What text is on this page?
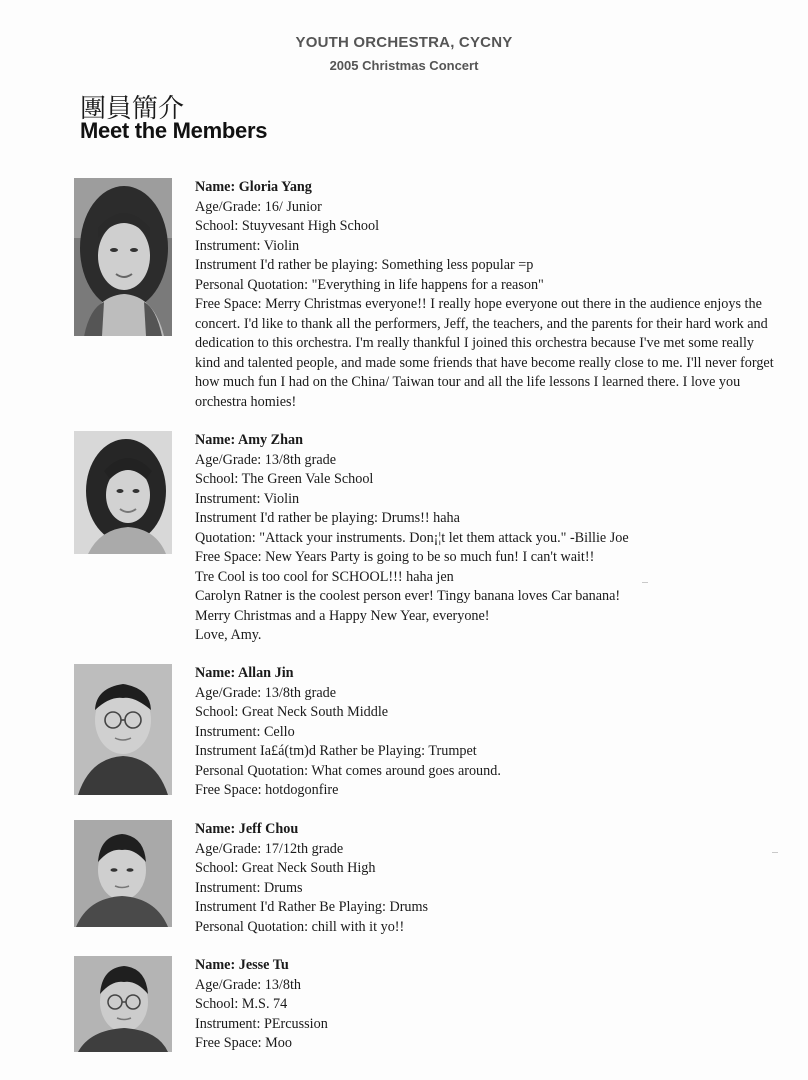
YOUTH ORCHESTRA, CYCNY
2005 Christmas Concert
團員簡介
Meet the Members
Name: Gloria Yang
Age/Grade: 16/ Junior
School: Stuyvesant High School
Instrument: Violin
Instrument I'd rather be playing: Something less popular =p
Personal Quotation: "Everything in life happens for a reason"
Free Space: Merry Christmas everyone!! I really hope everyone out there in the audience enjoys the concert. I'd like to thank all the performers, Jeff, the teachers, and the parents for their hard work and dedication to this orchestra. I'm really thankful I joined this orchestra because I've met some really kind and talented people, and made some friends that have become really close to me. I'll never forget how much fun I had on the China/ Taiwan tour and all the life lessons I learned there. I love you orchestra homies!
Name: Amy Zhan
Age/Grade: 13/8th grade
School: The Green Vale School
Instrument: Violin
Instrument I'd rather be playing: Drums!! haha
Quotation: "Attack your instruments. Don¡¦t let them attack you." -Billie Joe
Free Space: New Years Party is going to be so much fun! I can't wait!!
Tre Cool is too cool for SCHOOL!!! haha jen
Carolyn Ratner is the coolest person ever! Tingy banana loves Car banana!
Merry Christmas and a Happy New Year, everyone!
Love, Amy.
Name: Allan Jin
Age/Grade: 13/8th grade
School: Great Neck South Middle
Instrument: Cello
Instrument Ia£á(tm)d Rather be Playing: Trumpet
Personal Quotation: What comes around goes around.
Free Space: hotdogonfire
Name: Jeff Chou
Age/Grade: 17/12th grade
School: Great Neck South High
Instrument: Drums
Instrument I'd Rather Be Playing: Drums
Personal Quotation: chill with it yo!!
Name: Jesse Tu
Age/Grade: 13/8th
School: M.S. 74
Instrument: PErcussion
Free Space: Moo
